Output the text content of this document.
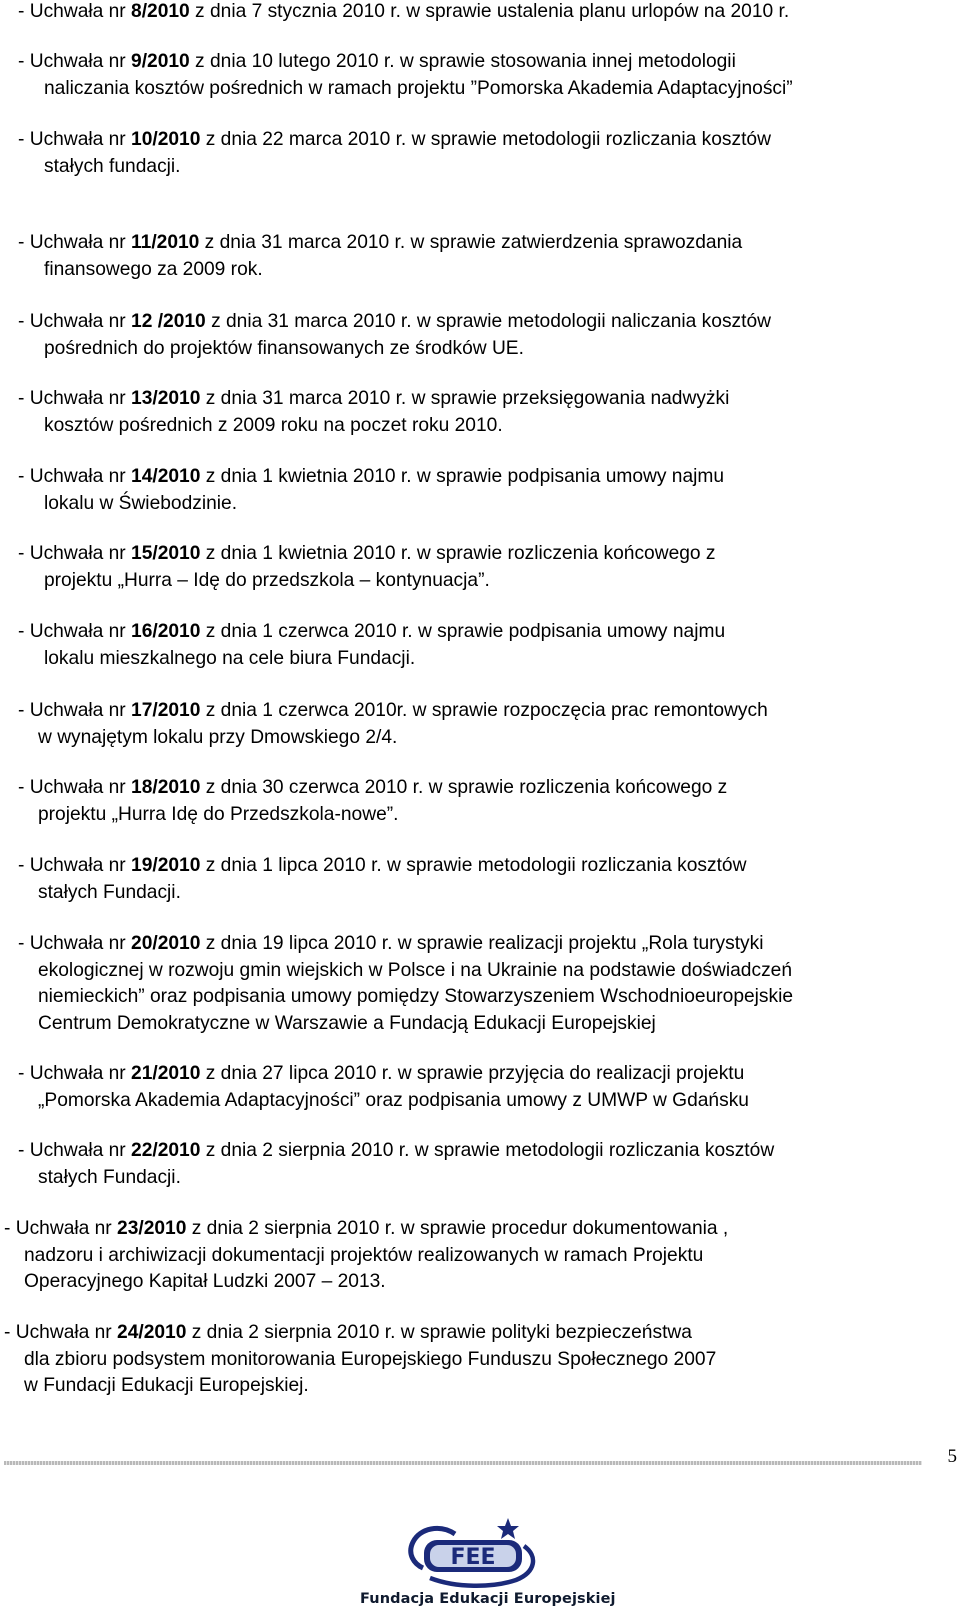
- Uchwała nr 8/2010 z dnia 7 stycznia 2010 r. w sprawie ustalenia planu urlopów na 2010 r.
- Uchwała nr 9/2010 z dnia 10 lutego 2010 r. w sprawie stosowania innej metodologii
naliczania kosztów pośrednich w ramach projektu ”Pomorska Akademia Adaptacyjności”
- Uchwała nr 10/2010 z dnia 22 marca 2010 r. w sprawie metodologii rozliczania kosztów
stałych fundacji.
- Uchwała nr 11/2010 z dnia 31 marca 2010 r. w sprawie zatwierdzenia sprawozdania
finansowego za 2009 rok.
- Uchwała nr 12 /2010 z dnia 31 marca 2010 r. w sprawie metodologii naliczania kosztów
pośrednich do projektów finansowanych ze środków UE.
- Uchwała nr 13/2010 z dnia 31 marca 2010 r. w sprawie przeksięgowania nadwyżki
kosztów pośrednich z 2009 roku na poczet roku 2010.
- Uchwała nr 14/2010 z dnia 1 kwietnia 2010 r. w sprawie podpisania umowy najmu
lokalu w Świebodzinie.
- Uchwała nr 15/2010 z dnia 1 kwietnia 2010 r. w sprawie rozliczenia końcowego z
projektu „Hurra – Idę do przedszkola – kontynuacja”.
- Uchwała nr 16/2010 z dnia 1 czerwca 2010 r. w sprawie podpisania umowy najmu
lokalu mieszkalnego na cele biura Fundacji.
- Uchwała nr 17/2010 z dnia 1 czerwca 2010r. w sprawie rozpoczęcia prac remontowych
w wynajętym lokalu przy Dmowskiego 2/4.
- Uchwała nr 18/2010 z dnia 30 czerwca 2010 r. w sprawie rozliczenia końcowego z
projektu „Hurra Idę do Przedszkola-nowe”.
- Uchwała nr 19/2010 z dnia 1 lipca 2010 r. w sprawie metodologii rozliczania kosztów
stałych Fundacji.
- Uchwała nr 20/2010 z dnia 19 lipca 2010 r. w sprawie realizacji projektu „Rola turystyki
ekologicznej w rozwoju gmin wiejskich w Polsce i na Ukrainie na podstawie doświadczeń
niemieckich” oraz podpisania umowy pomiędzy Stowarzyszeniem Wschodnioeuropejskie
Centrum Demokratyczne w Warszawie a Fundacją Edukacji Europejskiej
- Uchwała nr 21/2010 z dnia 27 lipca 2010 r. w sprawie przyjęcia do realizacji projektu
„Pomorska Akademia Adaptacyjności” oraz podpisania umowy z UMWP w Gdańsku
- Uchwała nr 22/2010 z dnia 2 sierpnia 2010 r. w sprawie metodologii rozliczania kosztów
stałych Fundacji.
- Uchwała nr 23/2010 z dnia 2 sierpnia 2010 r. w sprawie procedur dokumentowania ,
nadzoru i archiwizacji dokumentacji projektów realizowanych w ramach Projektu
Operacyjnego Kapitał Ludzki 2007 – 2013.
- Uchwała nr 24/2010 z dnia 2 sierpnia 2010 r. w sprawie polityki bezpieczeństwa
dla zbioru podsystem monitorowania Europejskiego Funduszu Społecznego 2007
w Fundacji Edukacji Europejskiej.
5
FEE
Fundacja Edukacji Europejskiej
